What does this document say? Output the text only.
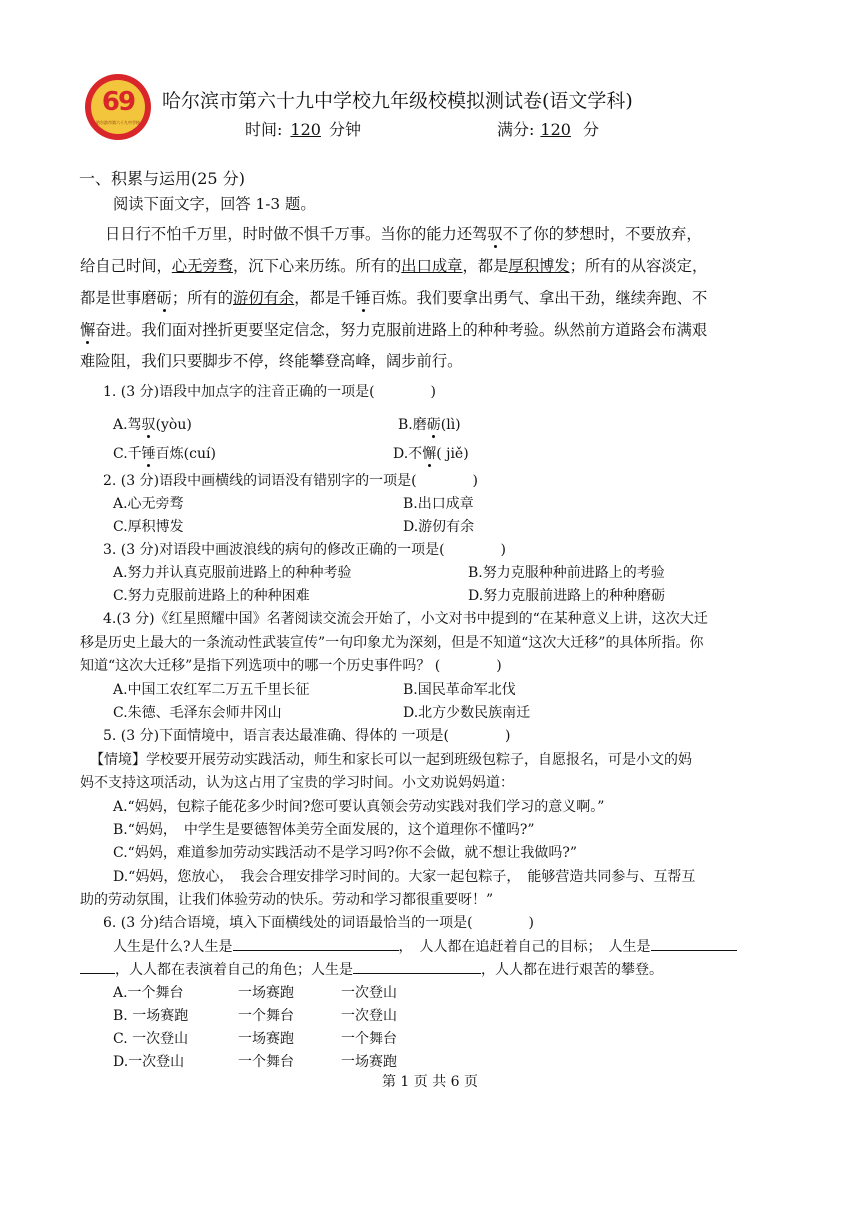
69
哈尔滨市第六十九中学校
哈尔滨市第六十九中学校九年级校模拟测试卷(语文学科)
时间: 120 分钟	满分: 120 分
一、积累与运用(25 分)
阅读下面文字，回答 1-3 题。
日日行不怕千万里，时时做不惧千万事。当你的能力还驾驭不了你的梦想时，不要放弃，
给自己时间，心无旁骛，沉下心来历练。所有的出口成章，都是厚积博发；所有的从容淡定，
都是世事磨砺；所有的游仞有余，都是千锤百炼。我们要拿出勇气、拿出干劲，继续奔跑、不
懈奋进。我们面对挫折更要坚定信念，努力克服前进路上的种种考验。纵然前方道路会布满艰
难险阻，我们只要脚步不停，终能攀登高峰，阔步前行。
1. (3 分)语段中加点字的注音正确的一项是(　　　　)
A.驾驭(yòu)	B.磨砺(lì)
C.千锤百炼(cuí)	D.不懈( jiě)
2. (3 分)语段中画横线的词语没有错别字的一项是(　　　　)
A.心无旁骛	B.出口成章
C.厚积博发	D.游仞有余
3. (3 分)对语段中画波浪线的病句的修改正确的一项是(　　　　)
A.努力并认真克服前进路上的种种考验	B.努力克服种种前进路上的考验
C.努力克服前进路上的种种困难	D.努力克服前进路上的种种磨砺
4.(3 分)《红星照耀中国》名著阅读交流会开始了，小文对书中提到的“在某种意义上讲，这次大迁
移是历史上最大的一条流动性武装宣传”一句印象尤为深刻，但是不知道“这次大迁移”的具体所指。你
知道“这次大迁移”是指下列选项中的哪一个历史事件吗？ (　　　　)
A.中国工农红军二万五千里长征	B.国民革命军北伐
C.朱德、毛泽东会师井冈山	D.北方少数民族南迁
5. (3 分)下面情境中，语言表达最准确、得体的 一项是(　　　　)
【情境】学校要开展劳动实践活动，师生和家长可以一起到班级包粽子，自愿报名，可是小文的妈
妈不支持这项活动，认为这占用了宝贵的学习时间。小文劝说妈妈道：
A.“妈妈，包粽子能花多少时间?您可要认真领会劳动实践对我们学习的意义啊。”
B.“妈妈，　中学生是要德智体美劳全面发展的，这个道理你不懂吗?”
C.“妈妈，难道参加劳动实践活动不是学习吗?你不会做，就不想让我做吗?”
D.“妈妈，您放心，　我会合理安排学习时间的。大家一起包粽子，　能够营造共同参与、互帮互
助的劳动氛围，让我们体验劳动的快乐。劳动和学习都很重要呀！”
6. (3 分)结合语境，填入下面横线处的词语最恰当的一项是(　　　　)
人生是什么?人生是	，　人人都在追赶着自己的目标；　人生是
，人人都在表演着自己的角色；人生是	，人人都在进行艰苦的攀登。
A.一个舞台	一场赛跑	一次登山
B. 一场赛跑	一个舞台	一次登山
C. 一次登山	一场赛跑	一个舞台
D.一次登山	一个舞台	一场赛跑
第 1 页 共 6 页
